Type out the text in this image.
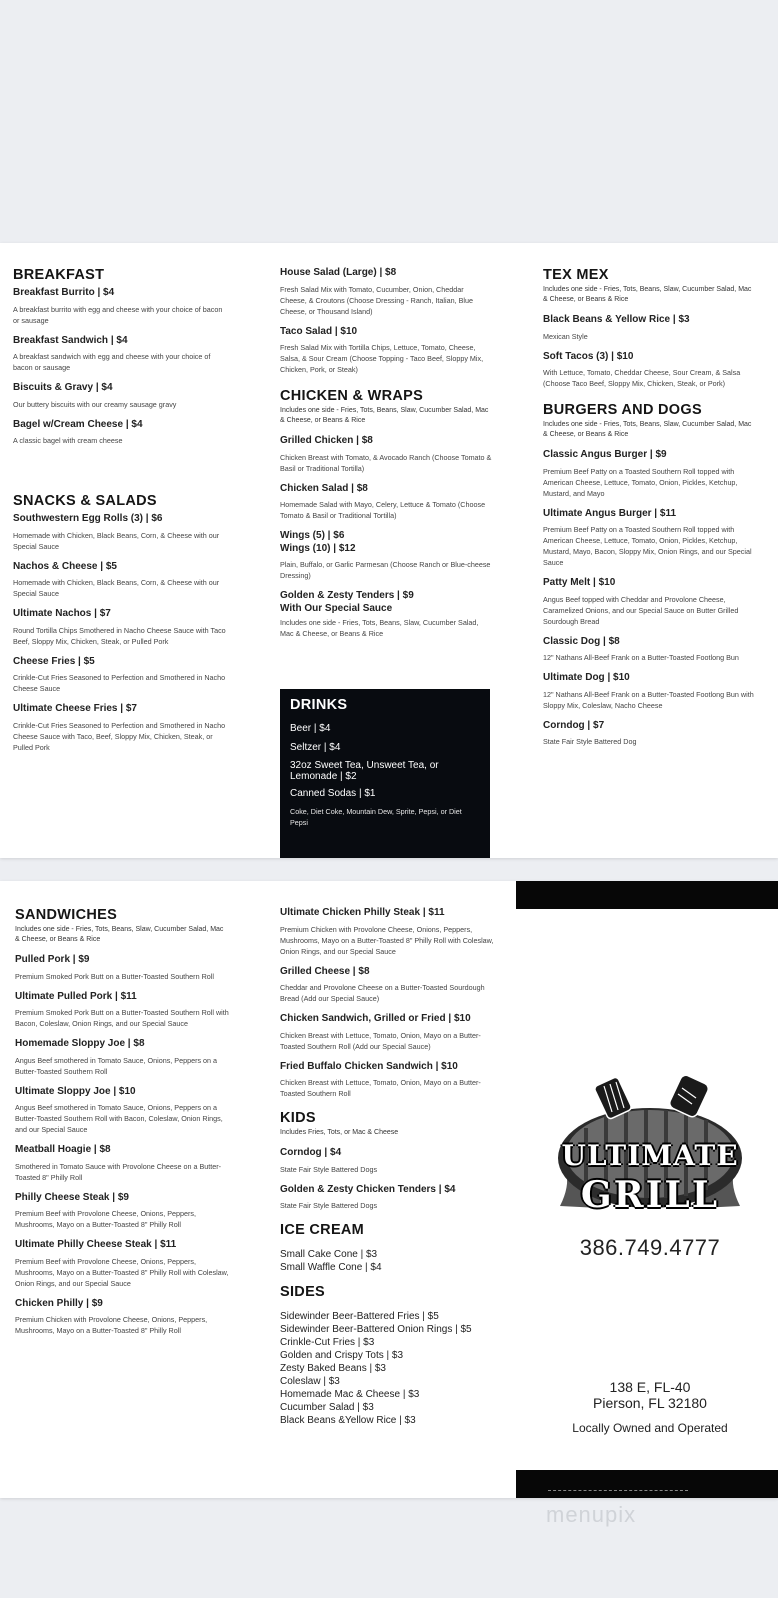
BREAKFAST
Breakfast Burrito | $4
A breakfast burrito with egg and cheese with your choice of bacon or sausage
Breakfast Sandwich | $4
A breakfast sandwich with egg and cheese with your choice of bacon or sausage
Biscuits & Gravy | $4
Our buttery biscuits with our creamy sausage gravy
Bagel w/Cream Cheese | $4
A classic bagel with cream cheese
SNACKS & SALADS
Southwestern Egg Rolls (3) | $6
Homemade with Chicken, Black Beans, Corn, & Cheese with our Special Sauce
Nachos & Cheese | $5
Homemade with Chicken, Black Beans, Corn, & Cheese with our Special Sauce
Ultimate Nachos | $7
Round Tortilla Chips Smothered in Nacho Cheese Sauce with Taco Beef, Sloppy Mix, Chicken, Steak, or Pulled Pork
Cheese Fries | $5
Crinkle-Cut Fries Seasoned to Perfection and Smothered in Nacho Cheese Sauce
Ultimate Cheese Fries | $7
Crinkle-Cut Fries Seasoned to Perfection and Smothered in Nacho Cheese Sauce with Taco, Beef, Sloppy Mix, Chicken, Steak, or Pulled Pork
House Salad (Large) | $8
Fresh Salad Mix with Tomato, Cucumber, Onion, Cheddar Cheese, & Croutons (Choose Dressing - Ranch, Italian, Blue Cheese, or Thousand Island)
Taco Salad | $10
Fresh Salad Mix with Tortilla Chips, Lettuce, Tomato, Cheese, Salsa, & Sour Cream (Choose Topping - Taco Beef, Sloppy Mix, Chicken, Pork, or Steak)
CHICKEN & WRAPS
Includes one side - Fries, Tots, Beans, Slaw, Cucumber Salad, Mac & Cheese, or Beans & Rice
Grilled Chicken | $8
Chicken Breast with Tomato, & Avocado Ranch (Choose Tomato & Basil or Traditional Tortilla)
Chicken Salad | $8
Homemade Salad with Mayo, Celery, Lettuce & Tomato (Choose Tomato & Basil or Traditional Tortilla)
Wings (5) | $6
Wings (10) | $12
Plain, Buffalo, or Garlic Parmesan (Choose Ranch or Blue-cheese Dressing)
Golden & Zesty Tenders | $9
With Our Special Sauce
Includes one side - Fries, Tots, Beans, Slaw, Cucumber Salad, Mac & Cheese, or Beans & Rice
DRINKS
Beer | $4
Seltzer | $4
32oz Sweet Tea, Unsweet Tea, or Lemonade | $2
Canned Sodas | $1
Coke, Diet Coke, Mountain Dew, Sprite, Pepsi, or Diet Pepsi
TEX MEX
Includes one side - Fries, Tots, Beans, Slaw, Cucumber Salad, Mac & Cheese, or Beans & Rice
Black Beans & Yellow Rice | $3
Mexican Style
Soft Tacos (3) | $10
With Lettuce, Tomato, Cheddar Cheese, Sour Cream, & Salsa (Choose Taco Beef, Sloppy Mix, Chicken, Steak, or Pork)
BURGERS AND DOGS
Includes one side - Fries, Tots, Beans, Slaw, Cucumber Salad, Mac & Cheese, or Beans & Rice
Classic Angus Burger | $9
Premium Beef Patty on a Toasted Southern Roll topped with American Cheese, Lettuce, Tomato, Onion, Pickles, Ketchup, Mustard, and Mayo
Ultimate Angus Burger | $11
Premium Beef Patty on a Toasted Southern Roll topped with American Cheese, Lettuce, Tomato, Onion, Pickles, Ketchup, Mustard, Mayo, Bacon, Sloppy Mix, Onion Rings, and our Special Sauce
Patty Melt | $10
Angus Beef topped with Cheddar and Provolone Cheese, Caramelized Onions, and our Special Sauce on Butter Grilled Sourdough Bread
Classic Dog | $8
12" Nathans All-Beef Frank on a Butter-Toasted Footlong Bun
Ultimate Dog | $10
12" Nathans All-Beef Frank on a Butter-Toasted Footlong Bun with Sloppy Mix, Coleslaw, Nacho Cheese
Corndog | $7
State Fair Style Battered Dog
SANDWICHES
Includes one side - Fries, Tots, Beans, Slaw, Cucumber Salad, Mac & Cheese, or Beans & Rice
Pulled Pork | $9
Premium Smoked Pork Butt on a Butter-Toasted Southern Roll
Ultimate Pulled Pork | $11
Premium Smoked Pork Butt on a Butter-Toasted Southern Roll with Bacon, Coleslaw, Onion Rings, and our Special Sauce
Homemade Sloppy Joe | $8
Angus Beef smothered in Tomato Sauce, Onions, Peppers on a Butter-Toasted Southern Roll
Ultimate Sloppy Joe | $10
Angus Beef smothered in Tomato Sauce, Onions, Peppers on a Butter-Toasted Southern Roll with Bacon, Coleslaw, Onion Rings, and our Special Sauce
Meatball Hoagie | $8
Smothered in Tomato Sauce with Provolone Cheese on a Butter-Toasted 8" Philly Roll
Philly Cheese Steak | $9
Premium Beef with Provolone Cheese, Onions, Peppers, Mushrooms, Mayo on a Butter-Toasted 8" Philly Roll
Ultimate Philly Cheese Steak | $11
Premium Beef with Provolone Cheese, Onions, Peppers, Mushrooms, Mayo on a Butter-Toasted 8" Philly Roll with Coleslaw, Onion Rings, and our Special Sauce
Chicken Philly | $9
Premium Chicken with Provolone Cheese, Onions, Peppers, Mushrooms, Mayo on a Butter-Toasted 8" Philly Roll
Ultimate Chicken Philly Steak | $11
Premium Chicken with Provolone Cheese, Onions, Peppers, Mushrooms, Mayo on a Butter-Toasted 8" Philly Roll with Coleslaw, Onion Rings, and our Special Sauce
Grilled Cheese | $8
Cheddar and Provolone Cheese on a Butter-Toasted Sourdough Bread (Add our Special Sauce)
Chicken Sandwich, Grilled or Fried | $10
Chicken Breast with Lettuce, Tomato, Onion, Mayo on a Butter-Toasted Southern Roll (Add our Special Sauce)
Fried Buffalo Chicken Sandwich | $10
Chicken Breast with Lettuce, Tomato, Onion, Mayo on a Butter-Toasted Southern Roll
KIDS
Includes Fries, Tots, or Mac & Cheese
Corndog | $4
State Fair Style Battered Dogs
Golden & Zesty Chicken Tenders | $4
State Fair Style Battered Dogs
ICE CREAM
Small Cake Cone | $3
Small Waffle Cone | $4
SIDES
Sidewinder Beer-Battered Fries | $5
Sidewinder Beer-Battered Onion Rings | $5
Crinkle-Cut Fries | $3
Golden and Crispy Tots | $3
Zesty Baked Beans | $3
Coleslaw | $3
Homemade Mac & Cheese | $3
Cucumber Salad | $3
Black Beans &Yellow Rice | $3
ULTIMATE
GRILL
386.749.4777
138 E, FL-40
Pierson, FL 32180
Locally Owned and Operated
menupix
